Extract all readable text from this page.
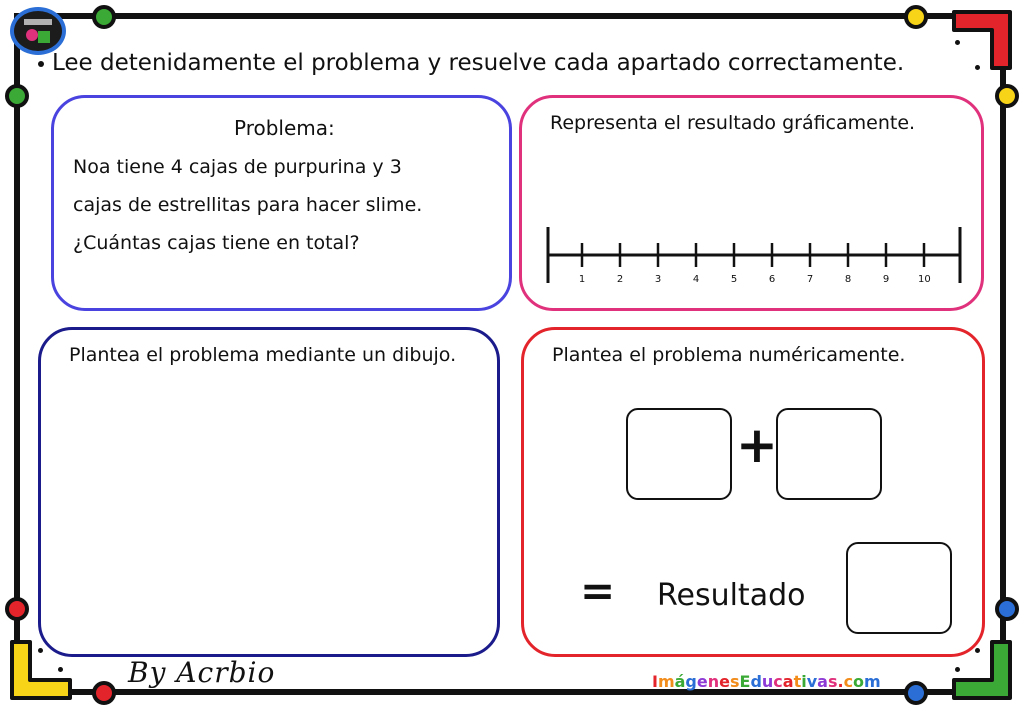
Lee detenidamente el problema y resuelve cada apartado correctamente.
Problema:
Noa tiene 4 cajas de purpurina y 3
cajas de estrellitas para hacer slime.
¿Cuántas cajas tiene en total?
Representa el resultado gráficamente.
1	2	3	4	5	6	7	8	9	10
Plantea el problema mediante un dibujo.	Plantea el problema numéricamente.
+
= Resultado
By Acrbio	ImágenesEducativas.com
